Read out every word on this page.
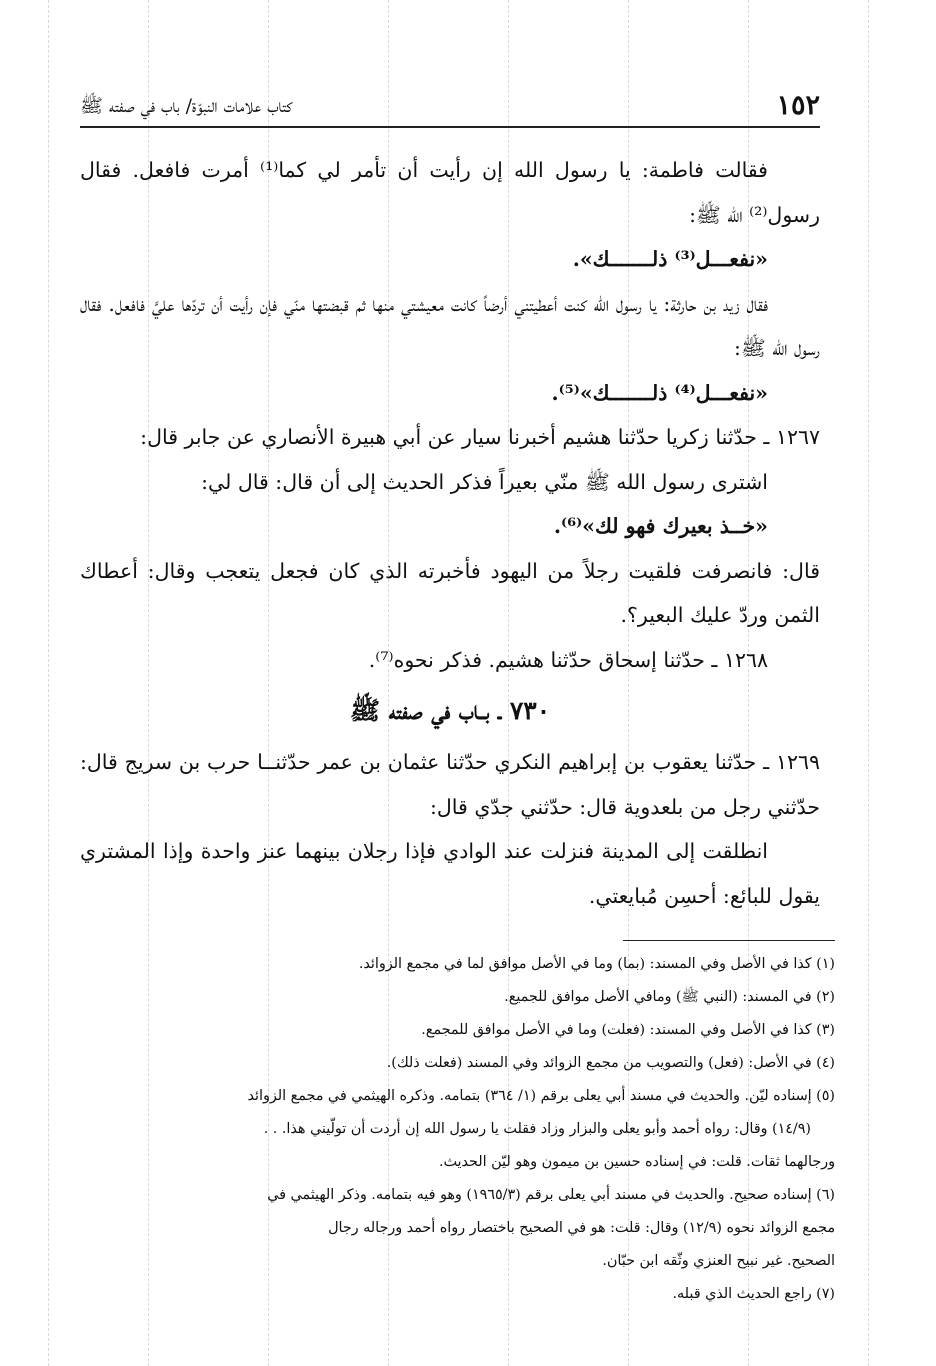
١٥٢
كتاب علامات النبوّة/ باب في صفته ﷺ

فقالت فاطمة: يا رسول الله إن رأيت أن تأمر لي كما⁽¹⁾ أمرت فافعل. فقال رسول⁽²⁾ الله ﷺ:

«نفعـــل⁽³⁾ ذلـــــــك».

فقال زيد بن حارثة: يا رسول الله كنت أعطيتني أرضاً كانت معيشتي منها ثم قبضتها منّي فإن رأيت أن تردّها عليَّ فافعل. فقال رسول الله ﷺ:

«نفعـــل⁽⁴⁾ ذلـــــــك»⁽⁵⁾.

١٢٦٧ ـ حدّثنا زكريا حدّثنا هشيم أخبرنا سيار عن أبي هبيرة الأنصاري عن جابر قال:

اشترى رسول الله ﷺ منّي بعيراً فذكر الحديث إلى أن قال: قال لي:

«خــذ بعيرك فهو لك»⁽⁶⁾.

قال: فانصرفت فلقيت رجلاً من اليهود فأخبرته الذي كان فجعل يتعجب وقال: أعطاك الثمن وردّ عليك البعير؟.

١٢٦٨ ـ حدّثنا إسحاق حدّثنا هشيم. فذكر نحوه⁽⁷⁾.

٧٣٠ ـ بــاب في صفته ﷺ

١٢٦٩ ـ حدّثنا يعقوب بن إبراهيم النكري حدّثنا عثمان بن عمر حدّثنــا حرب بن سريج قال: حدّثني رجل من بلعدوية قال: حدّثني جدّي قال:

انطلقت إلى المدينة فنزلت عند الوادي فإذا رجلان بينهما عنز واحدة وإذا المشتري يقول للبائع: أحسِن مُبايعتي.

(١) كذا في الأصل وفي المسند: (بما) وما في الأصل موافق لما في مجمع الزوائد.

(٢) في المسند: (النبي ﷺ) ومافي الأصل موافق للجميع.

(٣) كذا في الأصل وفي المسند: (فعلت) وما في الأصل موافق للمجمع.

(٤) في الأصل: (فعل) والتصويب من مجمع الزوائد وفي المسند (فعلت ذلك).

(٥) إسناده ليّن. والحديث في مسند أبي يعلى برقم (١/ ٣٦٤) بتمامه. وذكره الهيثمي في مجمع الزوائد

(١٤/٩) وقال: رواه أحمد وأبو يعلى والبزار وزاد فقلت يا رسول الله إن أردت أن تولّيني هذا. . .

ورجالهما ثقات. قلت: في إسناده حسين بن ميمون وهو ليّن الحديث.

(٦) إسناده صحيح. والحديث في مسند أبي يعلى برقم (١٩٦٥/٣) وهو فيه بتمامه. وذكر الهيثمي في

مجمع الزوائد نحوه (١٢/٩) وقال: قلت: هو في الصحيح باختصار رواه أحمد ورجاله رجال

الصحيح. غير نبيح العنزي وثّقه ابن حبّان.

(٧) راجع الحديث الذي قبله.
